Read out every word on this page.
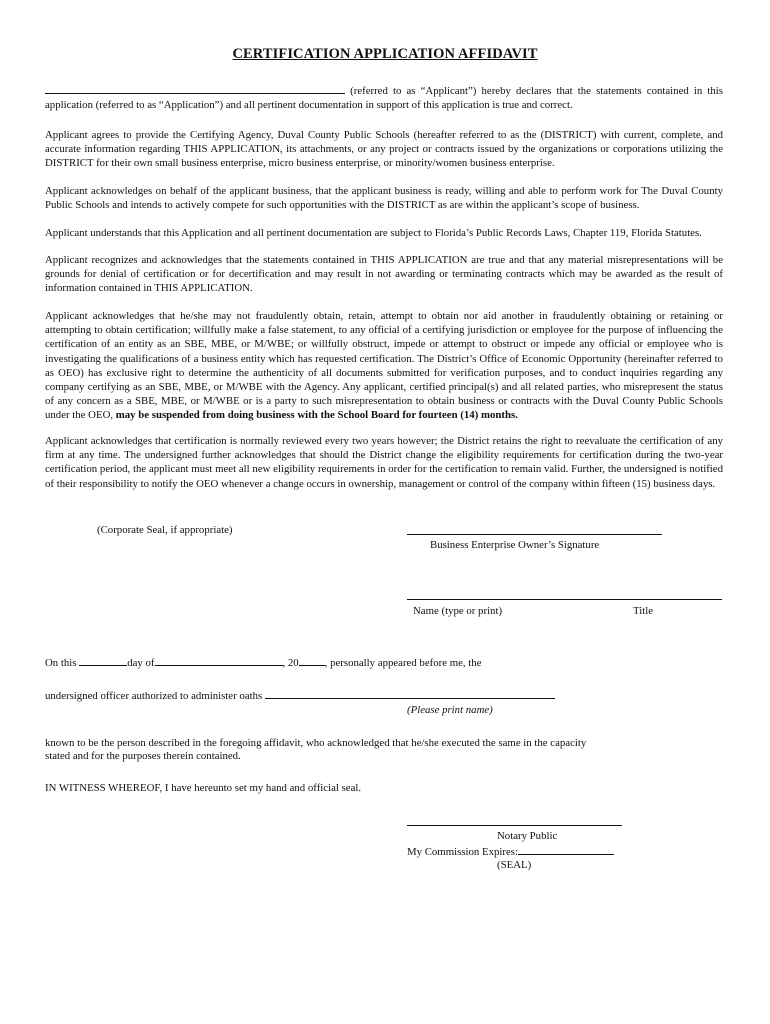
CERTIFICATION APPLICATION AFFIDAVIT

(referred to as “Applicant”) hereby declares that the statements contained in this application (referred to as “Application”) and all pertinent documentation in support of this application is true and correct.

Applicant agrees to provide the Certifying Agency, Duval County Public Schools (hereafter referred to as the (DISTRICT) with current, complete, and accurate information regarding THIS APPLICATION, its attachments, or any project or contracts issued by the organizations or corporations utilizing the DISTRICT for their own small business enterprise, micro business enterprise, or minority/women business enterprise.

Applicant acknowledges on behalf of the applicant business, that the applicant business is ready, willing and able to perform work for The Duval County Public Schools and intends to actively compete for such opportunities with the DISTRICT as are within the applicant’s scope of business.

Applicant understands that this Application and all pertinent documentation are subject to Florida’s Public Records Laws, Chapter 119, Florida Statutes.

Applicant recognizes and acknowledges that the statements contained in THIS APPLICATION are true and that any material misrepresentations will be grounds for denial of certification or for decertification and may result in not awarding or terminating contracts which may be awarded as the result of information contained in THIS APPLICATION.

Applicant acknowledges that he/she may not fraudulently obtain, retain, attempt to obtain nor aid another in fraudulently obtaining or retaining or attempting to obtain certification; willfully make a false statement, to any official of a certifying jurisdiction or employee for the purpose of influencing the certification of an entity as an SBE, MBE, or M/WBE; or willfully obstruct, impede or attempt to obstruct or impede any official or employee who is investigating the qualifications of a business entity which has requested certification. The District’s Office of Economic Opportunity (hereinafter referred to as OEO) has exclusive right to determine the authenticity of all documents submitted for verification purposes, and to conduct inquiries regarding any company certifying as an SBE, MBE, or M/WBE with the Agency. Any applicant, certified principal(s) and all related parties, who misrepresent the status of any concern as a SBE, MBE, or M/WBE or is a party to such misrepresentation to obtain business or contracts with the Duval County Public Schools under the OEO, may be suspended from doing business with the School Board for fourteen (14) months.

Applicant acknowledges that certification is normally reviewed every two years however; the District retains the right to reevaluate the certification of any firm at any time. The undersigned further acknowledges that should the District change the eligibility requirements for certification during the two-year certification period, the applicant must meet all new eligibility requirements in order for the certification to remain valid. Further, the undersigned is notified of their responsibility to notify the OEO whenever a change occurs in ownership, management or control of the company within fifteen (15) business days.

(Corporate Seal, if appropriate)
Business Enterprise Owner’s Signature
Name (type or print)	Title
On this	day of	, 20 , personally appeared before me, the
undersigned officer authorized to administer oaths
(Please print name)
known to be the person described in the foregoing affidavit, who acknowledged that he/she executed the same in the capacity
stated and for the purposes therein contained.
IN WITNESS WHEREOF, I have hereunto set my hand and official seal.
Notary Public
My Commission Expires:
(SEAL)
